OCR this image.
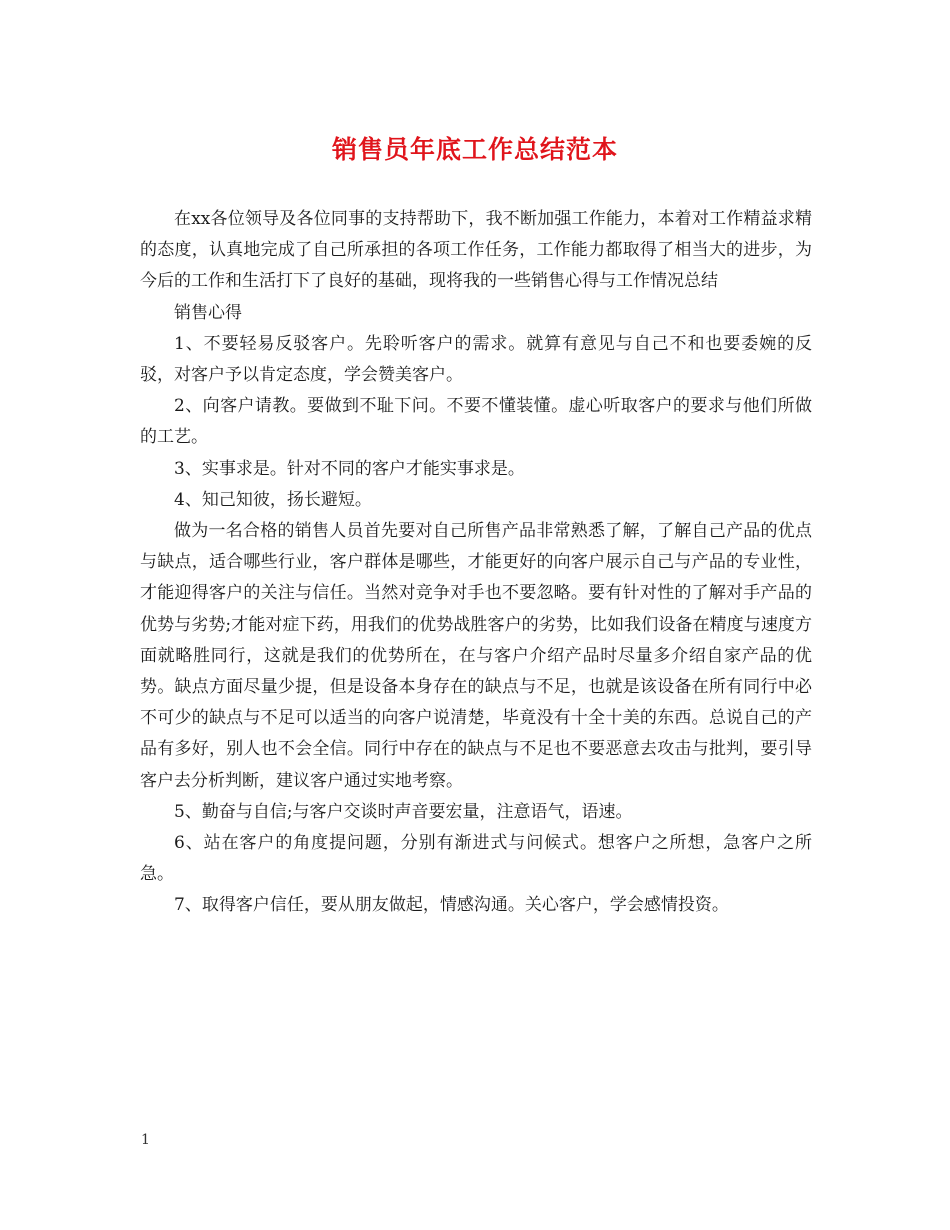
销售员年底工作总结范本

在xx各位领导及各位同事的支持帮助下，我不断加强工作能力，本着对工作精益求精的态度，认真地完成了自己所承担的各项工作任务，工作能力都取得了相当大的进步，为今后的工作和生活打下了良好的基础，现将我的一些销售心得与工作情况总结

销售心得

1、不要轻易反驳客户。先聆听客户的需求。就算有意见与自己不和也要委婉的反驳，对客户予以肯定态度，学会赞美客户。

2、向客户请教。要做到不耻下问。不要不懂装懂。虚心听取客户的要求与他们所做的工艺。

3、实事求是。针对不同的客户才能实事求是。

4、知己知彼，扬长避短。

做为一名合格的销售人员首先要对自己所售产品非常熟悉了解，了解自己产品的优点与缺点，适合哪些行业，客户群体是哪些，才能更好的向客户展示自己与产品的专业性，才能迎得客户的关注与信任。当然对竞争对手也不要忽略。要有针对性的了解对手产品的优势与劣势;才能对症下药，用我们的优势战胜客户的劣势，比如我们设备在精度与速度方面就略胜同行，这就是我们的优势所在，在与客户介绍产品时尽量多介绍自家产品的优势。缺点方面尽量少提，但是设备本身存在的缺点与不足，也就是该设备在所有同行中必不可少的缺点与不足可以适当的向客户说清楚，毕竟没有十全十美的东西。总说自己的产品有多好，别人也不会全信。同行中存在的缺点与不足也不要恶意去攻击与批判，要引导客户去分析判断，建议客户通过实地考察。

5、勤奋与自信;与客户交谈时声音要宏量，注意语气，语速。

6、站在客户的角度提问题，分别有渐进式与问候式。想客户之所想，急客户之所急。

7、取得客户信任，要从朋友做起，情感沟通。关心客户，学会感情投资。

1
